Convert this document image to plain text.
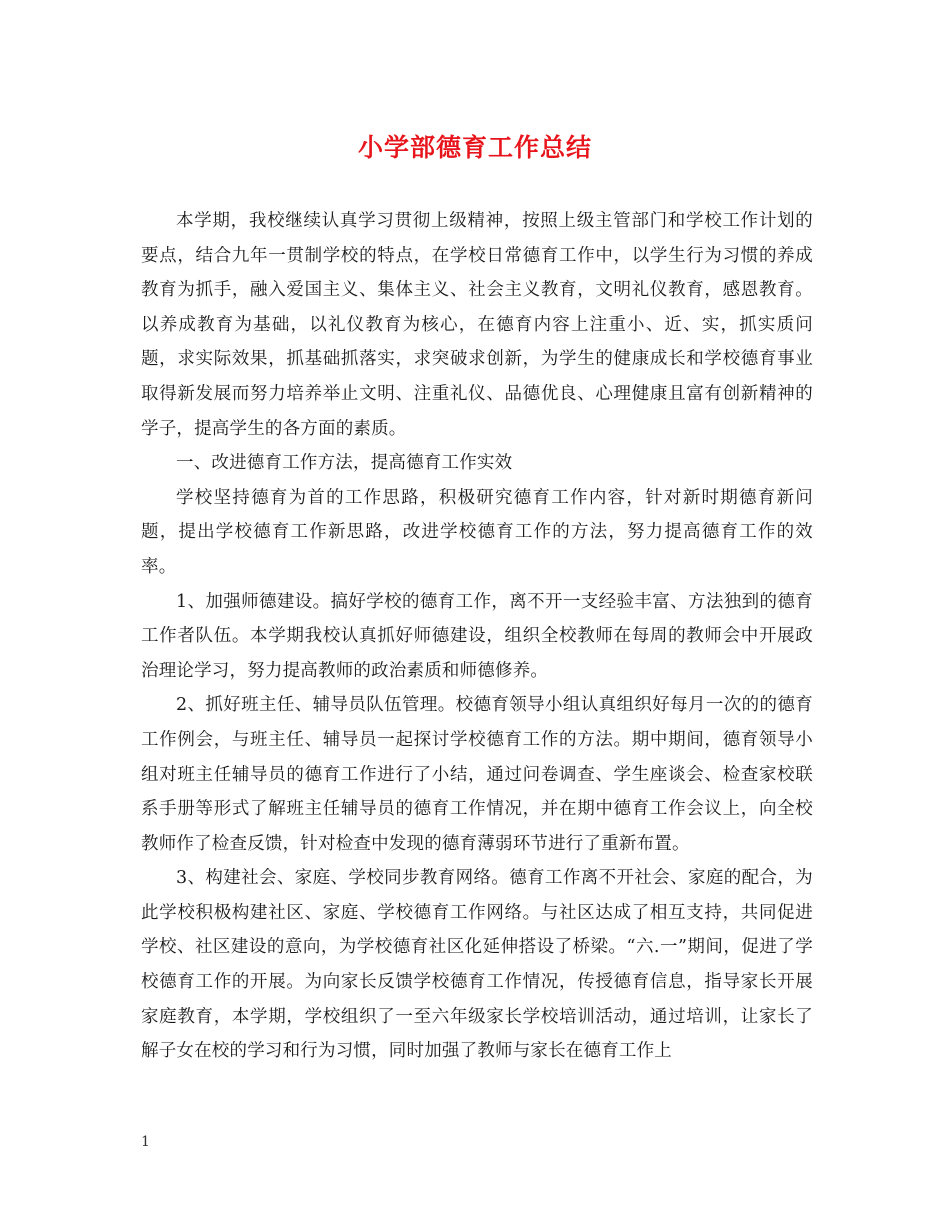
小学部德育工作总结

本学期，我校继续认真学习贯彻上级精神，按照上级主管部门和学校工作计划的要点，结合九年一贯制学校的特点，在学校日常德育工作中，以学生行为习惯的养成教育为抓手，融入爱国主义、集体主义、社会主义教育，文明礼仪教育，感恩教育。以养成教育为基础，以礼仪教育为核心，在德育内容上注重小、近、实，抓实质问题，求实际效果，抓基础抓落实，求突破求创新，为学生的健康成长和学校德育事业取得新发展而努力培养举止文明、注重礼仪、品德优良、心理健康且富有创新精神的学子，提高学生的各方面的素质。

一、改进德育工作方法，提高德育工作实效

学校坚持德育为首的工作思路，积极研究德育工作内容，针对新时期德育新问题，提出学校德育工作新思路，改进学校德育工作的方法，努力提高德育工作的效率。

1、加强师德建设。搞好学校的德育工作，离不开一支经验丰富、方法独到的德育工作者队伍。本学期我校认真抓好师德建设，组织全校教师在每周的教师会中开展政治理论学习，努力提高教师的政治素质和师德修养。

2、抓好班主任、辅导员队伍管理。校德育领导小组认真组织好每月一次的的德育工作例会，与班主任、辅导员一起探讨学校德育工作的方法。期中期间，德育领导小组对班主任辅导员的德育工作进行了小结，通过问卷调查、学生座谈会、检查家校联系手册等形式了解班主任辅导员的德育工作情况，并在期中德育工作会议上，向全校教师作了检查反馈，针对检查中发现的德育薄弱环节进行了重新布置。

3、构建社会、家庭、学校同步教育网络。德育工作离不开社会、家庭的配合，为此学校积极构建社区、家庭、学校德育工作网络。与社区达成了相互支持，共同促进学校、社区建设的意向，为学校德育社区化延伸搭设了桥梁。“六.一”期间，促进了学校德育工作的开展。为向家长反馈学校德育工作情况，传授德育信息，指导家长开展家庭教育，本学期，学校组织了一至六年级家长学校培训活动，通过培训，让家长了解子女在校的学习和行为习惯，同时加强了教师与家长在德育工作上

1
